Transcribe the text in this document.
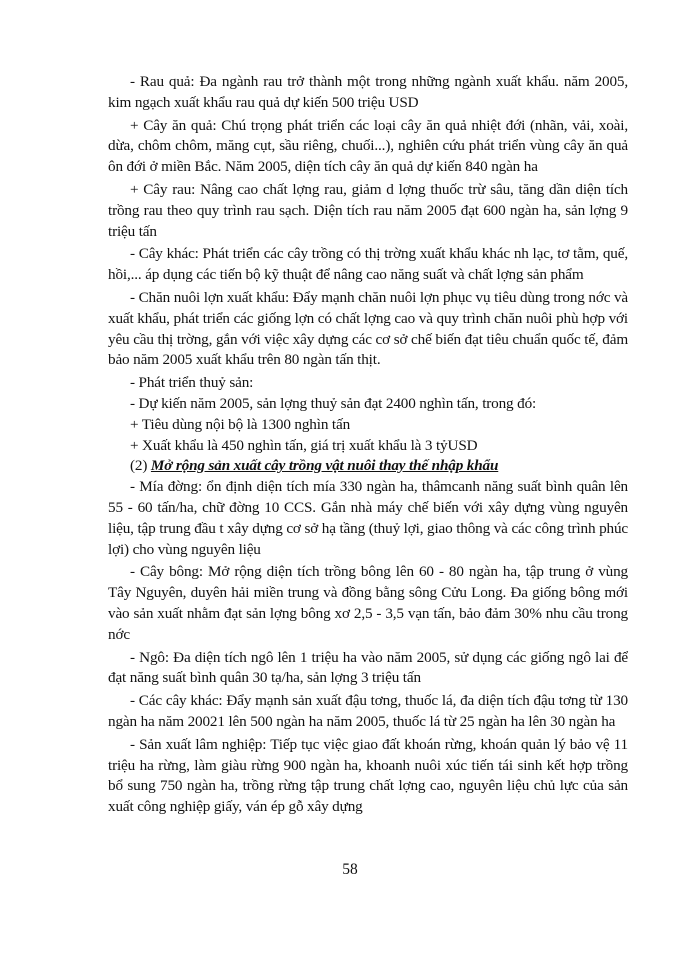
- Rau quả: Đa ngành rau trở thành một trong những ngành xuất khẩu. năm 2005, kim ngạch xuất khẩu rau quả dự kiến 500 triệu USD

+ Cây ăn quả: Chú trọng phát triển các loại cây ăn quả nhiệt đới (nhãn, vải, xoài, dừa, chôm chôm, măng cụt, sầu riêng, chuối...), nghiên cứu phát triển vùng cây ăn quả ôn đới ở miền Bắc. Năm 2005, diện tích cây ăn quả dự kiến 840 ngàn ha

+ Cây rau: Nâng cao chất lợng rau, giảm d lợng thuốc trừ sâu, tăng dần diện tích trồng rau theo quy trình rau sạch. Diện tích rau năm 2005 đạt 600 ngàn ha, sản lợng 9 triệu tấn

- Cây khác: Phát triển các cây trồng có thị trờng xuất khẩu khác nh lạc, tơ tằm, quế, hồi,... áp dụng các tiến bộ kỹ thuật để nâng cao năng suất và chất lợng sản phẩm

- Chăn nuôi lợn xuất khẩu: Đẩy mạnh chăn nuôi lợn phục vụ tiêu dùng trong nớc và xuất khẩu, phát triển các giống lợn có chất lợng cao và quy trình chăn nuôi phù hợp với yêu cầu thị trờng, gắn với việc xây dựng các cơ sở chế biến đạt tiêu chuẩn quốc tế, đảm bảo năm 2005 xuất khẩu trên 80 ngàn tấn thịt.

- Phát triển thuỷ sản:

- Dự kiến năm 2005, sản lợng thuỷ sản đạt 2400 nghìn tấn, trong đó:

+ Tiêu dùng nội bộ là 1300 nghìn tấn

+ Xuất khẩu là 450 nghìn tấn, giá trị xuất khẩu là 3 tỷUSD

(2) Mở rộng sản xuất cây trồng vật nuôi thay thế nhập khẩu

- Mía đờng: ổn định diện tích mía 330 ngàn ha, thâmcanh năng suất bình quân lên 55 - 60 tấn/ha, chữ đờng 10 CCS. Gắn nhà máy chế biến với xây dựng vùng nguyên liệu, tập trung đầu t xây dựng cơ sở hạ tầng (thuỷ lợi, giao thông và các công trình phúc lợi) cho vùng nguyên liệu

- Cây bông: Mở rộng diện tích trồng bông lên 60 - 80 ngàn ha, tập trung ở vùng Tây Nguyên, duyên hải miền trung và đồng bằng sông Cửu Long. Đa giống bông mới vào sản xuất nhằm đạt sản lợng bông xơ 2,5 - 3,5 vạn tấn, bảo đảm 30% nhu cầu trong nớc

- Ngô: Đa diện tích ngô lên 1 triệu ha vào năm 2005, sử dụng các giống ngô lai để đạt năng suất bình quân 30 tạ/ha, sản lợng 3 triệu tấn

- Các cây khác: Đẩy mạnh sản xuất đậu tơng, thuốc lá, đa diện tích đậu tơng từ 130 ngàn ha năm 20021 lên 500 ngàn ha năm 2005, thuốc lá từ 25 ngàn ha lên 30 ngàn ha

- Sản xuất lâm nghiệp: Tiếp tục việc giao đất khoán rừng, khoán quản lý bảo vệ 11 triệu ha rừng, làm giàu rừng 900 ngàn ha, khoanh nuôi xúc tiến tái sinh kết hợp trồng bổ sung 750 ngàn ha, trồng rừng tập trung chất lợng cao, nguyên liệu chủ lực của sản xuất công nghiệp giấy, ván ép gỗ xây dựng

58
